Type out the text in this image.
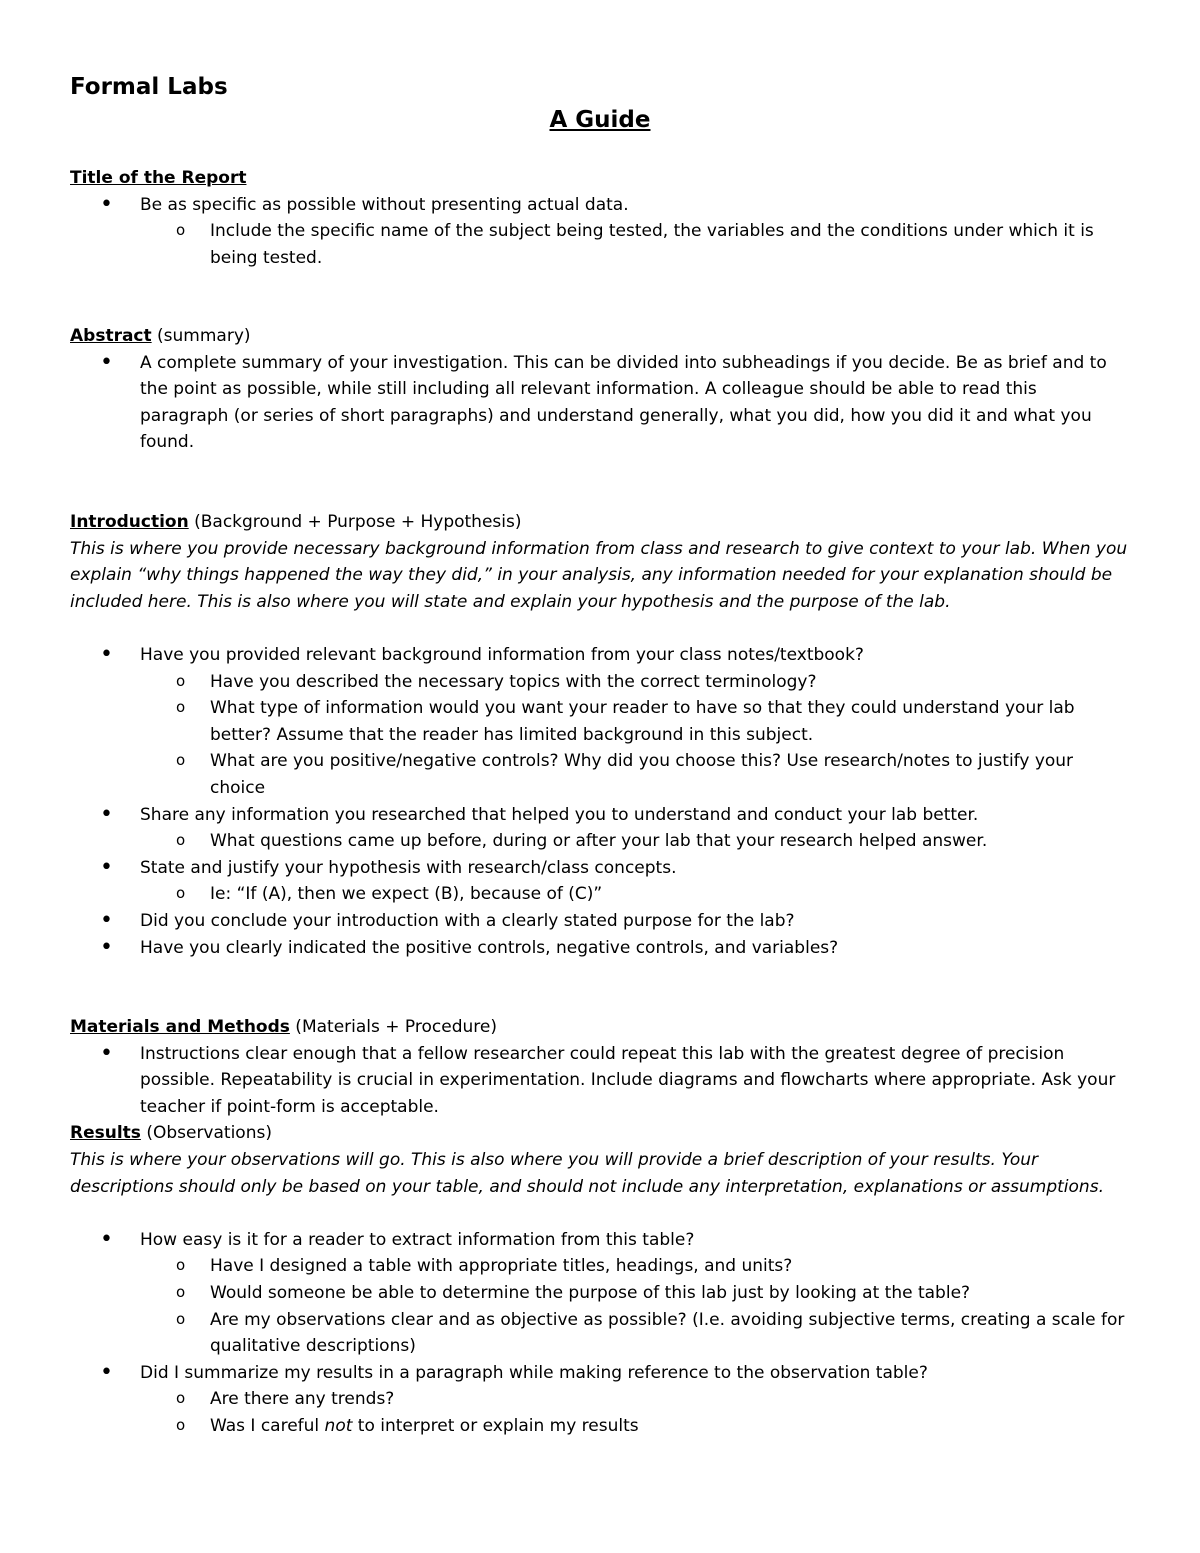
Formal Labs
A Guide

Title of the Report

• Be as specific as possible without presenting actual data.
o Include the specific name of the subject being tested, the variables and the conditions under which it is being tested.

Abstract (summary)

• A complete summary of your investigation. This can be divided into subheadings if you decide. Be as brief and to the point as possible, while still including all relevant information. A colleague should be able to read this paragraph (or series of short paragraphs) and understand generally, what you did, how you did it and what you found.

Introduction (Background + Purpose + Hypothesis)

This is where you provide necessary background information from class and research to give context to your lab. When you explain “why things happened the way they did,” in your analysis, any information needed for your explanation should be included here. This is also where you will state and explain your hypothesis and the purpose of the lab.

• Have you provided relevant background information from your class notes/textbook?
o Have you described the necessary topics with the correct terminology?
o What type of information would you want your reader to have so that they could understand your lab better? Assume that the reader has limited background in this subject.
o What are you positive/negative controls? Why did you choose this? Use research/notes to justify your choice
• Share any information you researched that helped you to understand and conduct your lab better.
o What questions came up before, during or after your lab that your research helped answer.
• State and justify your hypothesis with research/class concepts.
o Ie: “If (A), then we expect (B), because of (C)”
• Did you conclude your introduction with a clearly stated purpose for the lab?
• Have you clearly indicated the positive controls, negative controls, and variables?

Materials and Methods (Materials + Procedure)

• Instructions clear enough that a fellow researcher could repeat this lab with the greatest degree of precision possible. Repeatability is crucial in experimentation. Include diagrams and flowcharts where appropriate. Ask your teacher if point-form is acceptable.

Results (Observations)

This is where your observations will go. This is also where you will provide a brief description of your results. Your descriptions should only be based on your table, and should not include any interpretation, explanations or assumptions.

• How easy is it for a reader to extract information from this table?
o Have I designed a table with appropriate titles, headings, and units?
o Would someone be able to determine the purpose of this lab just by looking at the table?
o Are my observations clear and as objective as possible? (I.e. avoiding subjective terms, creating a scale for qualitative descriptions)
• Did I summarize my results in a paragraph while making reference to the observation table?
o Are there any trends?
o Was I careful not to interpret or explain my results
